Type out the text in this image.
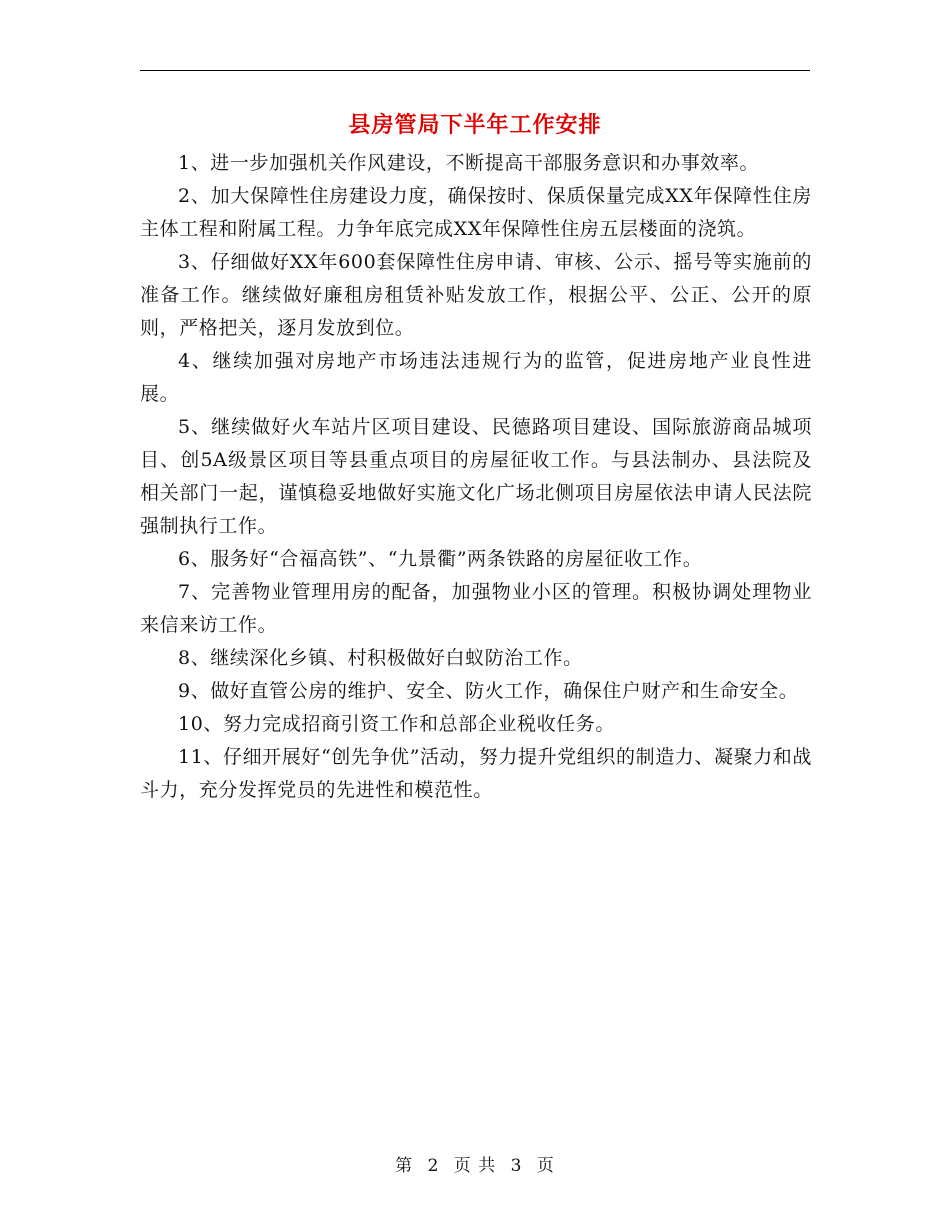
县房管局下半年工作安排

1、进一步加强机关作风建设，不断提高干部服务意识和办事效率。

2、加大保障性住房建设力度，确保按时、保质保量完成XX年保障性住房主体工程和附属工程。力争年底完成XX年保障性住房五层楼面的浇筑。

3、仔细做好XX年600套保障性住房申请、审核、公示、摇号等实施前的准备工作。继续做好廉租房租赁补贴发放工作，根据公平、公正、公开的原则，严格把关，逐月发放到位。

4、继续加强对房地产市场违法违规行为的监管，促进房地产业良性进展。

5、继续做好火车站片区项目建设、民德路项目建设、国际旅游商品城项目、创5A级景区项目等县重点项目的房屋征收工作。与县法制办、县法院及相关部门一起，谨慎稳妥地做好实施文化广场北侧项目房屋依法申请人民法院强制执行工作。

6、服务好“合福高铁”、“九景衢”两条铁路的房屋征收工作。

7、完善物业管理用房的配备，加强物业小区的管理。积极协调处理物业来信来访工作。

8、继续深化乡镇、村积极做好白蚁防治工作。

9、做好直管公房的维护、安全、防火工作，确保住户财产和生命安全。

10、努力完成招商引资工作和总部企业税收任务。

11、仔细开展好“创先争优”活动，努力提升党组织的制造力、凝聚力和战斗力，充分发挥党员的先进性和模范性。

第 2 页 共 3 页
